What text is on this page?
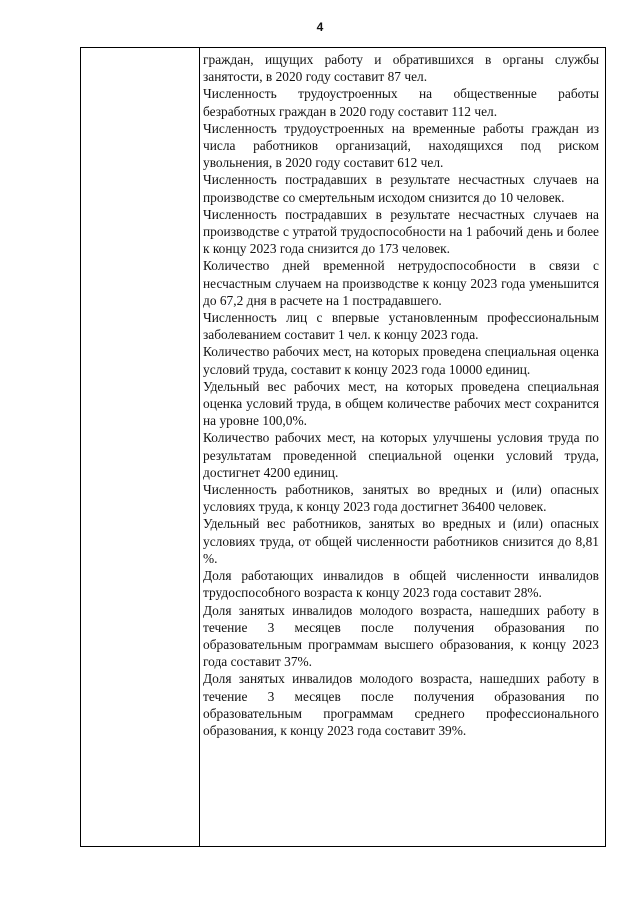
4

граждан, ищущих работу и обратившихся в органы службы занятости, в 2020 году составит 87 чел.

Численность трудоустроенных на общественные работы безработных граждан в 2020 году составит 112 чел.

Численность трудоустроенных на временные работы граждан из числа работников организаций, находящихся под риском увольнения, в 2020 году составит 612 чел.

Численность пострадавших в результате несчастных случаев на производстве со смертельным исходом снизится до 10 человек.

Численность пострадавших в результате несчастных случаев на производстве с утратой трудоспособности на 1 рабочий день и более к концу 2023 года снизится до 173 человек.

Количество дней временной нетрудоспособности в связи с несчастным случаем на производстве к концу 2023 года уменьшится до 67,2 дня в расчете на 1 пострадавшего.

Численность лиц с впервые установленным профессиональным заболеванием составит 1 чел. к концу 2023 года.

Количество рабочих мест, на которых проведена специальная оценка условий труда, составит к концу 2023 года 10000 единиц.

Удельный вес рабочих мест, на которых проведена специальная оценка условий труда, в общем количестве рабочих мест сохранится на уровне 100,0%.

Количество рабочих мест, на которых улучшены условия труда по результатам проведенной специальной оценки условий труда, достигнет 4200 единиц.

Численность работников, занятых во вредных и (или) опасных условиях труда, к концу 2023 года достигнет 36400 человек.

Удельный вес работников, занятых во вредных и (или) опасных условиях труда, от общей численности работников снизится до 8,81 %.

Доля работающих инвалидов в общей численности инвалидов трудоспособного возраста к концу 2023 года составит 28%.

Доля занятых инвалидов молодого возраста, нашедших работу в течение 3 месяцев после получения образования по образовательным программам высшего образования, к концу 2023 года составит 37%.

Доля занятых инвалидов молодого возраста, нашедших работу в течение 3 месяцев после получения образования по образовательным программам среднего профессионального образования, к концу 2023 года составит 39%.
